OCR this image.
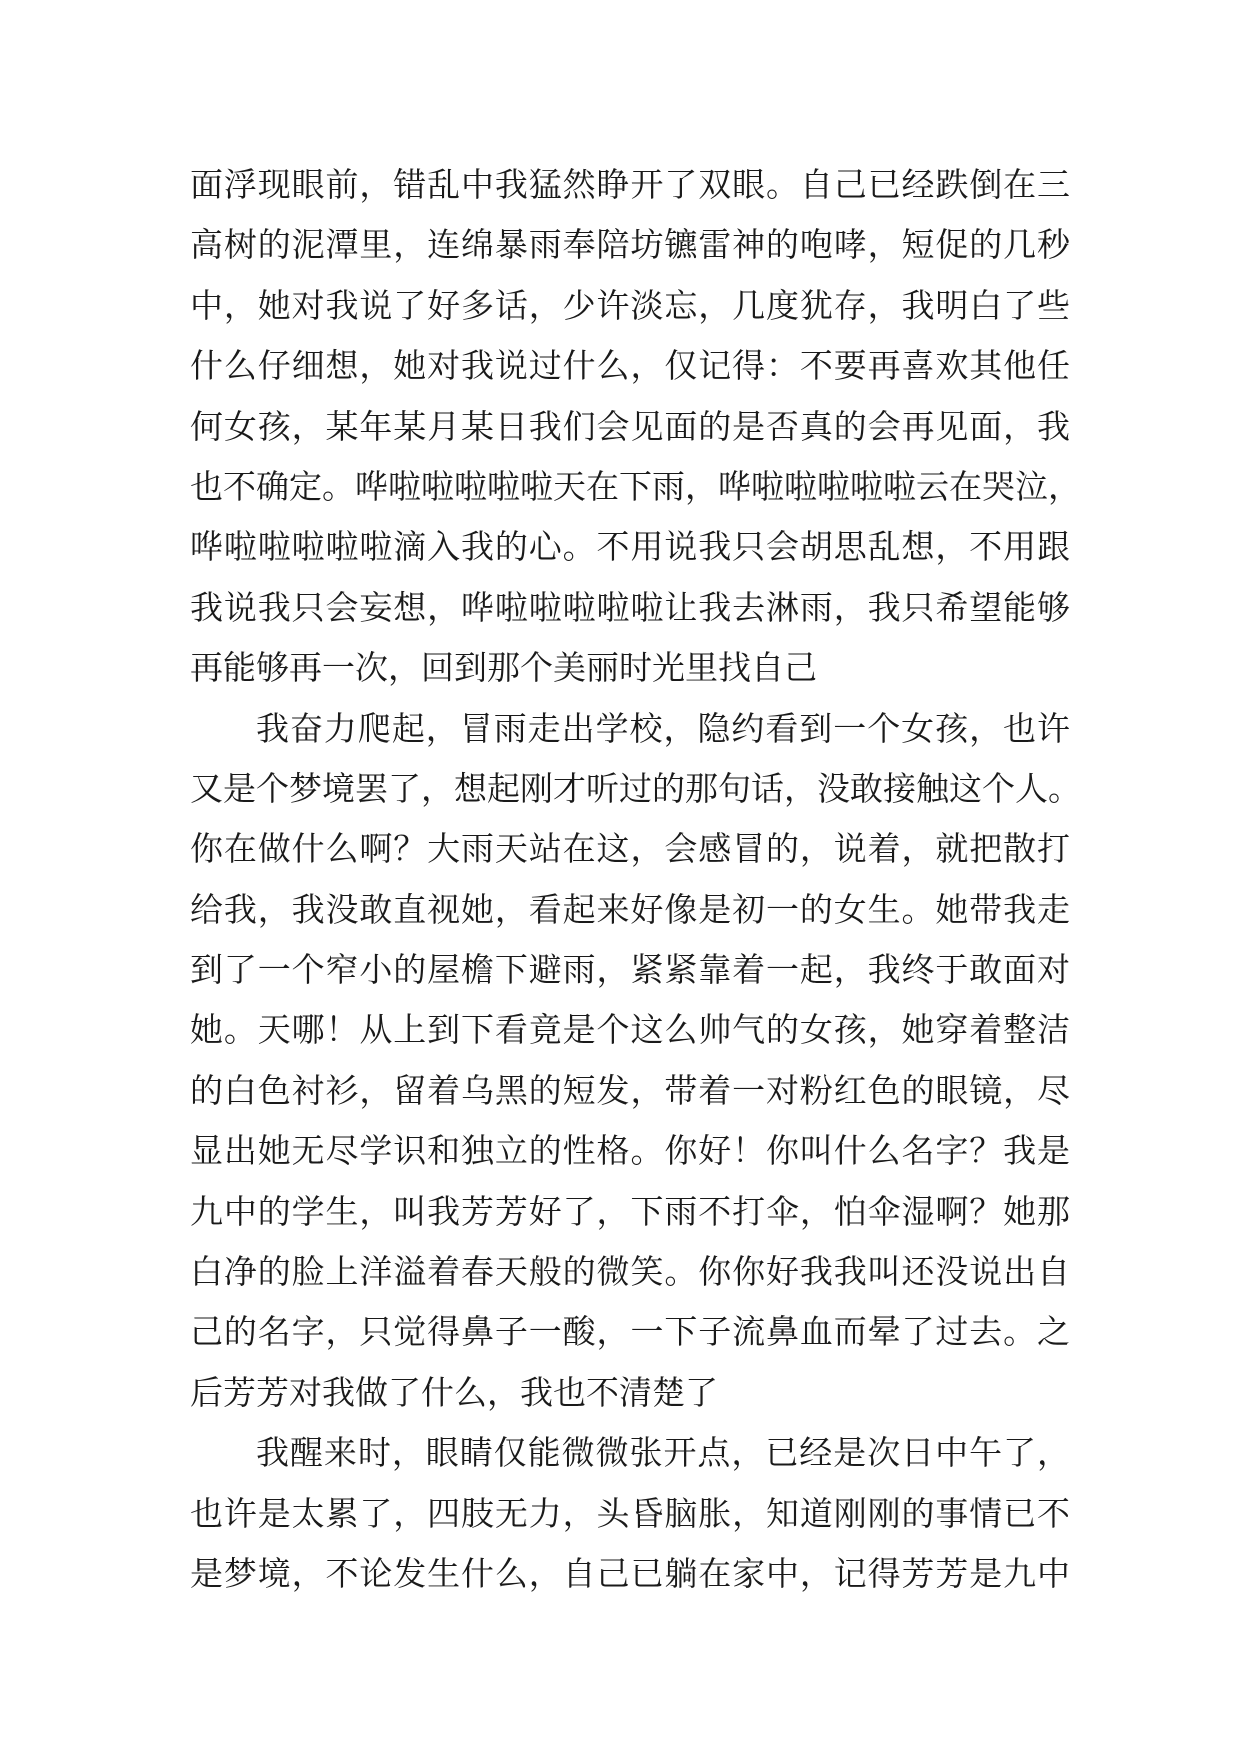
面浮现眼前，错乱中我猛然睁开了双眼。自己已经跌倒在三
高树的泥潭里，连绵暴雨奉陪坊镳雷神的咆哮，短促的几秒
中，她对我说了好多话，少许淡忘，几度犹存，我明白了些
什么仔细想，她对我说过什么，仅记得：不要再喜欢其他任
何女孩，某年某月某日我们会见面的是否真的会再见面，我
也不确定。哗啦啦啦啦啦天在下雨，哗啦啦啦啦啦云在哭泣，
哗啦啦啦啦啦滴入我的心。不用说我只会胡思乱想，不用跟
我说我只会妄想，哗啦啦啦啦啦让我去淋雨，我只希望能够
再能够再一次，回到那个美丽时光里找自己
我奋力爬起，冒雨走出学校，隐约看到一个女孩，也许
又是个梦境罢了，想起刚才听过的那句话，没敢接触这个人。
你在做什么啊？大雨天站在这，会感冒的，说着，就把散打
给我，我没敢直视她，看起来好像是初一的女生。她带我走
到了一个窄小的屋檐下避雨，紧紧靠着一起，我终于敢面对
她。天哪！从上到下看竟是个这么帅气的女孩，她穿着整洁
的白色衬衫，留着乌黑的短发，带着一对粉红色的眼镜，尽
显出她无尽学识和独立的性格。你好！你叫什么名字？我是
九中的学生，叫我芳芳好了，下雨不打伞，怕伞湿啊？她那
白净的脸上洋溢着春天般的微笑。你你好我我叫还没说出自
己的名字，只觉得鼻子一酸，一下子流鼻血而晕了过去。之
后芳芳对我做了什么，我也不清楚了
我醒来时，眼睛仅能微微张开点，已经是次日中午了，
也许是太累了，四肢无力，头昏脑胀，知道刚刚的事情已不
是梦境，不论发生什么，自己已躺在家中，记得芳芳是九中
